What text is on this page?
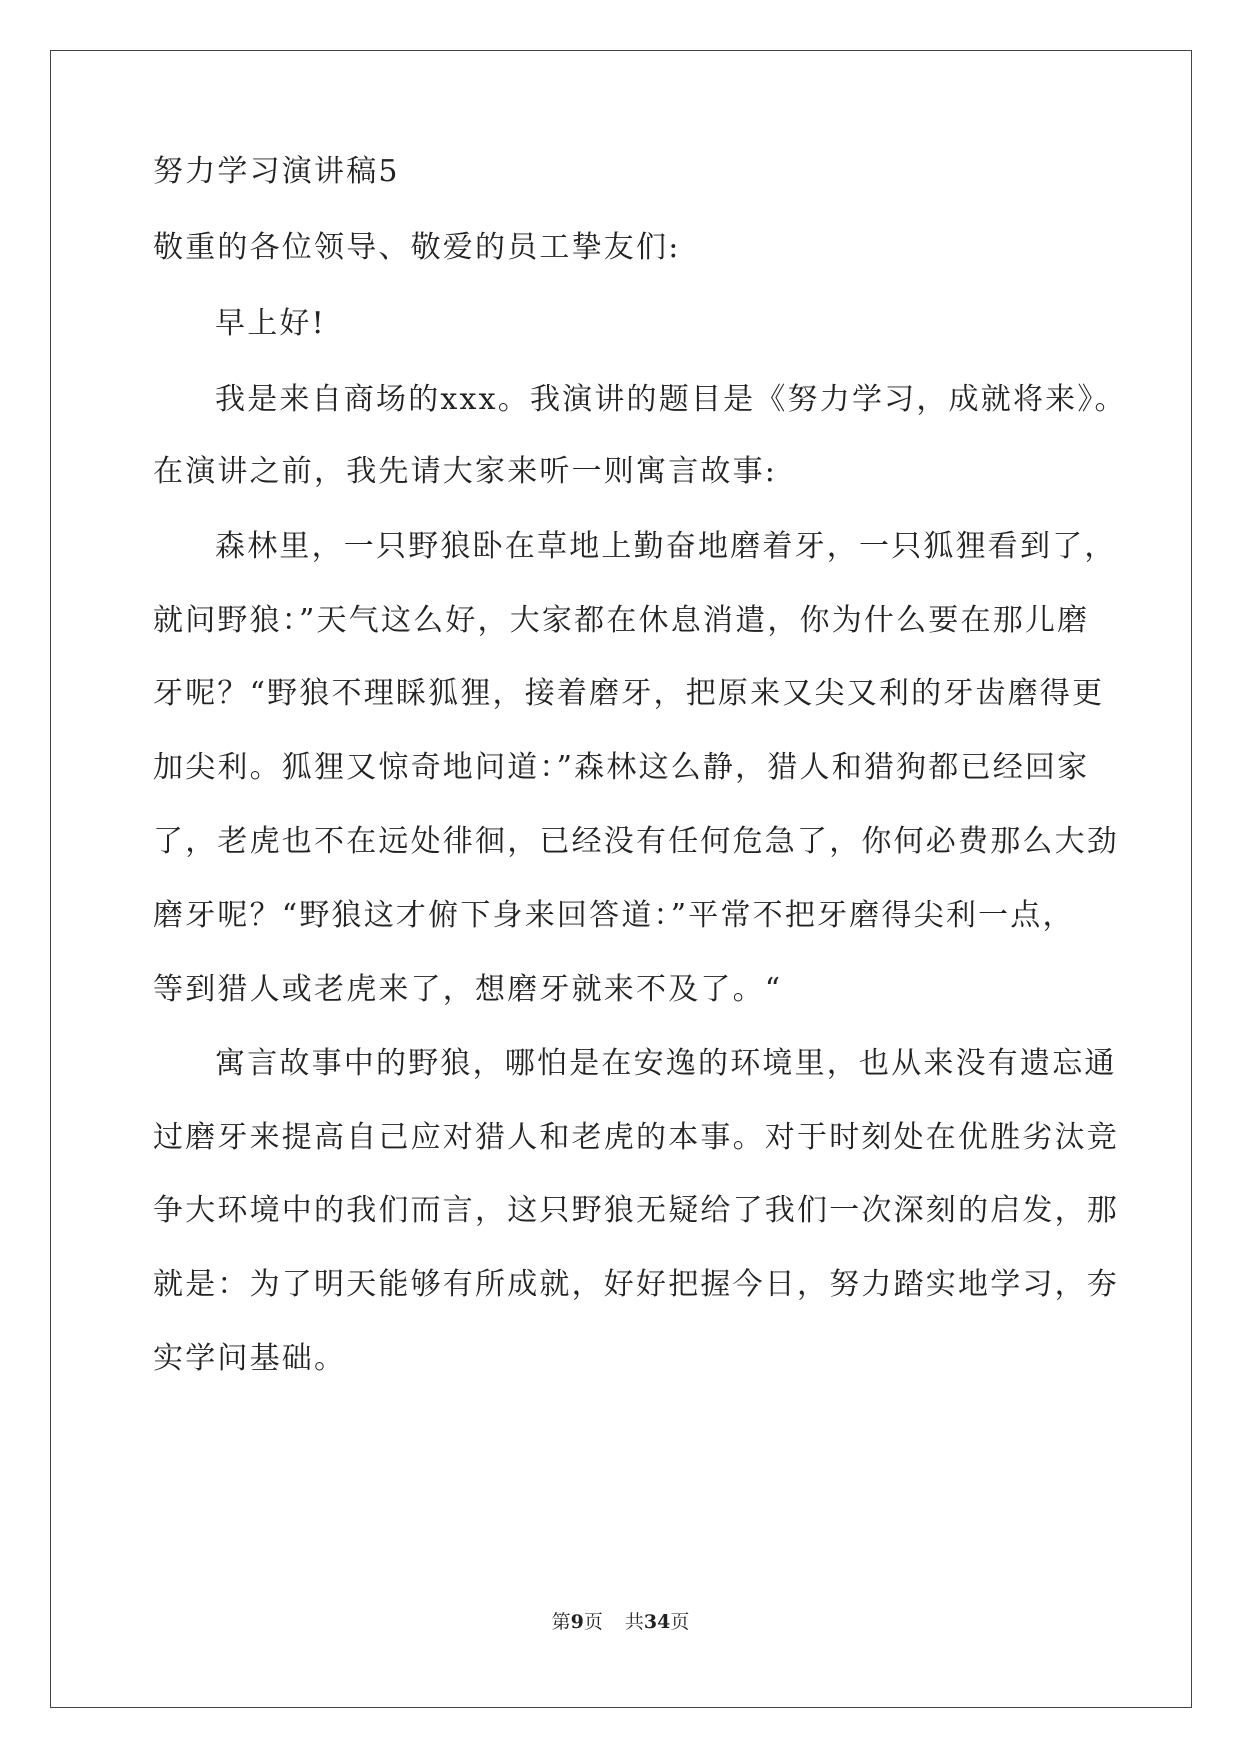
努力学习演讲稿5
敬重的各位领导、敬爱的员工挚友们:
早上好!
我是来自商场的xxx。我演讲的题目是《努力学习，成就将来》。
在演讲之前，我先请大家来听一则寓言故事:
森林里，一只野狼卧在草地上勤奋地磨着牙，一只狐狸看到了，
就问野狼：”天气这么好，大家都在休息消遣，你为什么要在那儿磨
牙呢？“野狼不理睬狐狸，接着磨牙，把原来又尖又利的牙齿磨得更
加尖利。狐狸又惊奇地问道：”森林这么静，猎人和猎狗都已经回家
了，老虎也不在远处徘徊，已经没有任何危急了，你何必费那么大劲
磨牙呢？“野狼这才俯下身来回答道：”平常不把牙磨得尖利一点，
等到猎人或老虎来了，想磨牙就来不及了。“
寓言故事中的野狼，哪怕是在安逸的环境里，也从来没有遗忘通
过磨牙来提高自己应对猎人和老虎的本事。对于时刻处在优胜劣汰竞
争大环境中的我们而言，这只野狼无疑给了我们一次深刻的启发，那
就是：为了明天能够有所成就，好好把握今日，努力踏实地学习，夯
实学问基础。
第9页 共34页
